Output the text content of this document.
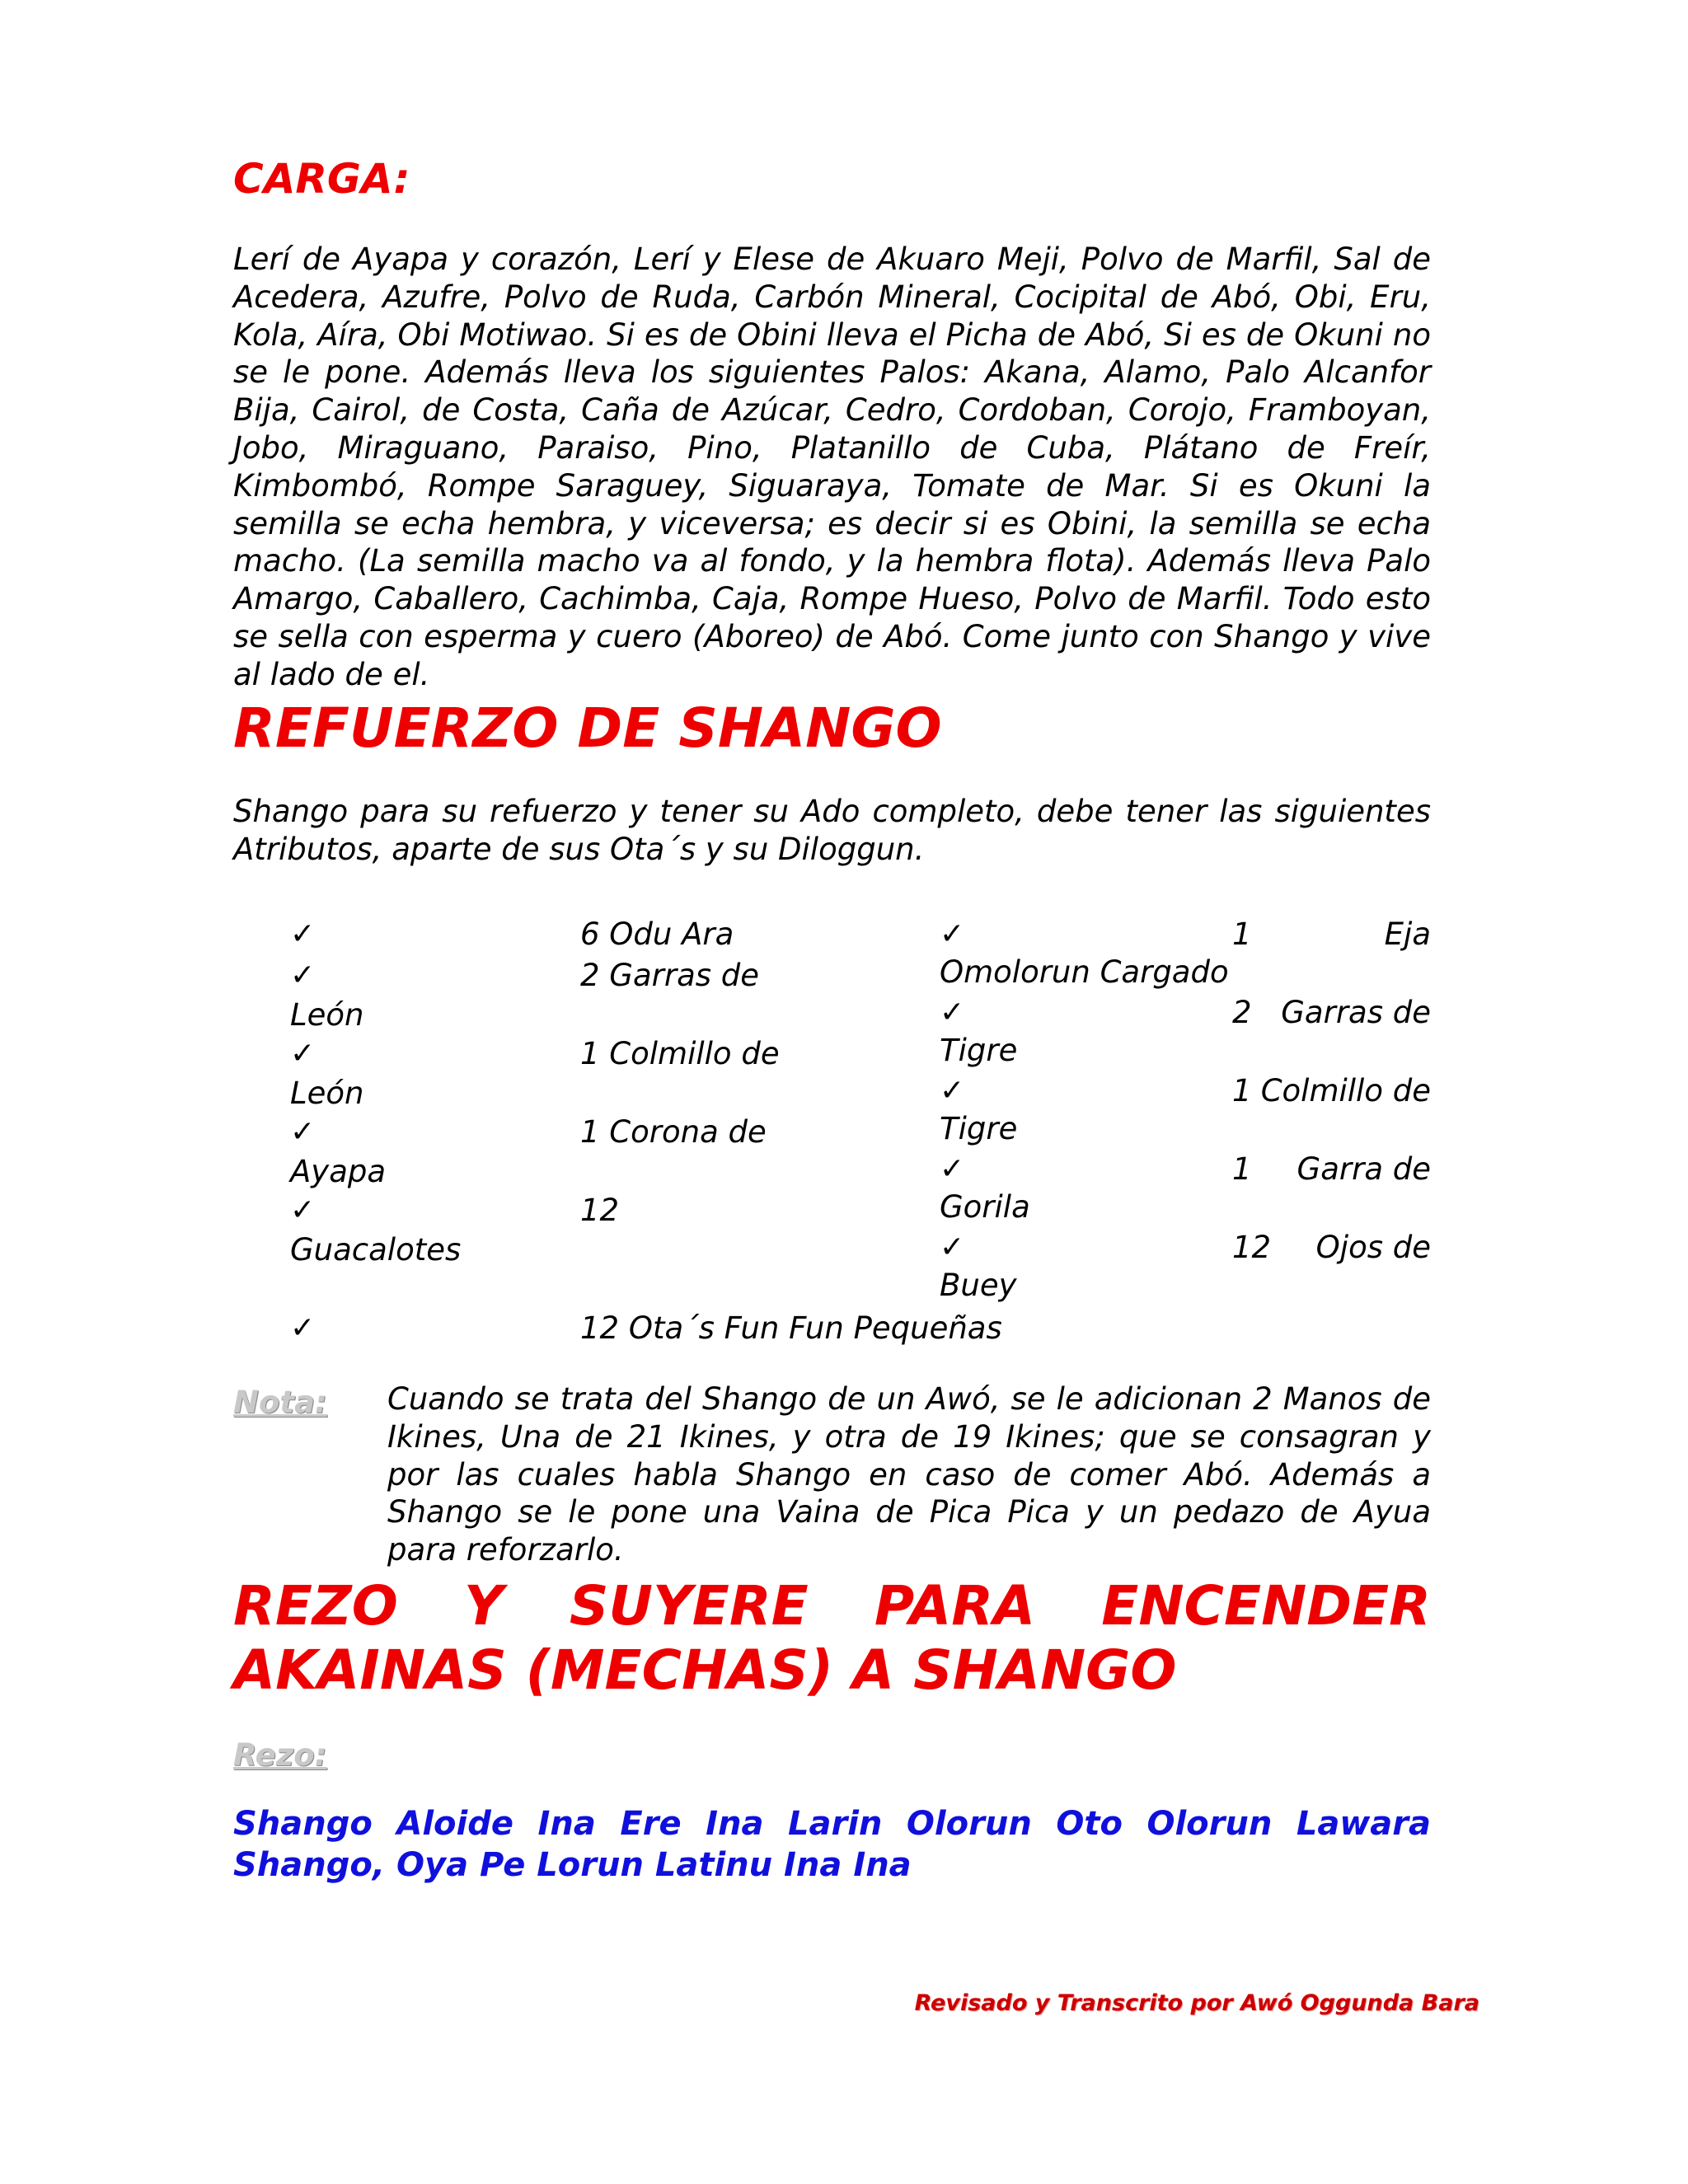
CARGA:

Lerí de Ayapa y corazón, Lerí y Elese de Akuaro Meji, Polvo de Marfil, Sal de Acedera, Azufre, Polvo de Ruda, Carbón Mineral, Cocipital de Abó, Obi, Eru, Kola, Aíra, Obi Motiwao. Si es de Obini lleva el Picha de Abó, Si es de Okuni no se le pone. Además lleva los siguientes Palos: Akana, Alamo, Palo Alcanfor Bija, Cairol, de Costa, Caña de Azúcar, Cedro, Cordoban, Corojo, Framboyan, Jobo, Miraguano, Paraiso, Pino, Platanillo de Cuba, Plátano de Freír, Kimbombó, Rompe Saraguey, Siguaraya, Tomate de Mar. Si es Okuni la semilla se echa hembra, y viceversa; es decir si es Obini, la semilla se echa macho. (La semilla macho va al fondo, y la hembra flota). Además lleva Palo Amargo, Caballero, Cachimba, Caja, Rompe Hueso, Polvo de Marfil. Todo esto se sella con esperma y cuero (Aboreo) de Abó. Come junto con Shango y vive al lado de el.

REFUERZO DE SHANGO

Shango para su refuerzo y tener su Ado completo, debe tener las siguientes Atributos, aparte de sus Ota´s y su Diloggun.

✓	6 Odu Ara
✓	2 Garras de
León
✓	1 Colmillo de
León
✓	1 Corona de
Ayapa
✓	12
Guacalotes
✓	12 Ota´s Fun Fun Pequeñas
✓	1	Eja
Omolorun Cargado
✓	2 Garras de
Tigre
✓	1 Colmillo de
Tigre
✓	1 Garra de
Gorila
✓	12 Ojos de
Buey
Nota: Cuando se trata del Shango de un Awó, se le adicionan 2 Manos de Ikines, Una de 21 Ikines, y otra de 19 Ikines; que se consagran y por las cuales habla Shango en caso de comer Abó. Además a Shango se le pone una Vaina de Pica Pica y un pedazo de Ayua para reforzarlo.

REZO Y SUYERE PARA ENCENDER AKAINAS (MECHAS) A SHANGO
Rezo:

Shango Aloide Ina Ere Ina Larin Olorun Oto Olorun Lawara Shango, Oya Pe Lorun Latinu Ina Ina

Revisado y Transcrito por Awó Oggunda Bara
